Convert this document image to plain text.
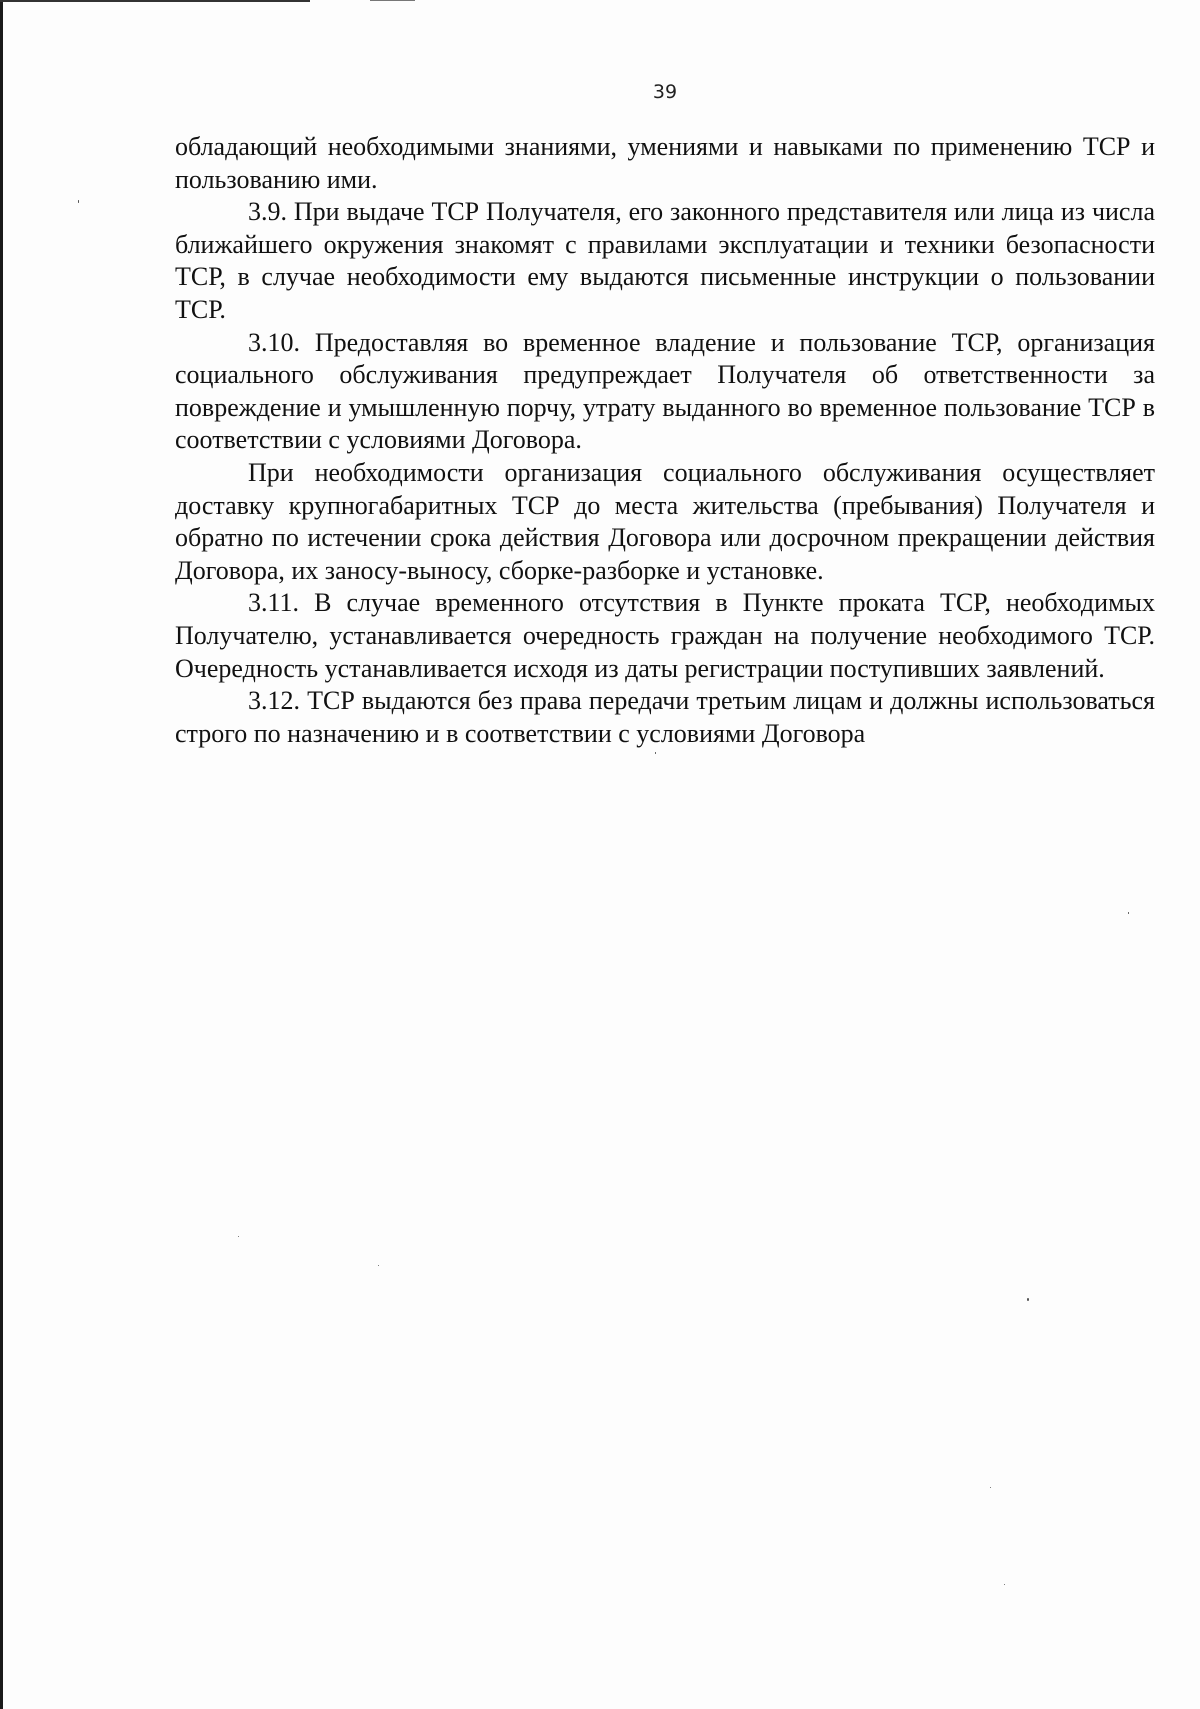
39

обладающий необходимыми знаниями, умениями и навыками по применению ТСР и пользованию ими.

3.9. При выдаче ТСР Получателя, его законного представителя или лица из числа ближайшего окружения знакомят с правилами эксплуатации и техники безопасности ТСР, в случае необходимости ему выдаются письменные инструкции о пользовании ТСР.

3.10. Предоставляя во временное владение и пользование ТСР, организация социального обслуживания предупреждает Получателя об ответственности за повреждение и умышленную порчу, утрату выданного во временное пользование ТСР в соответствии с условиями Договора.

При необходимости организация социального обслуживания осуществляет доставку крупногабаритных ТСР до места жительства (пребывания) Получателя и обратно по истечении срока действия Договора или досрочном прекращении действия Договора, их заносу-выносу, сборке-разборке и установке.

3.11. В случае временного отсутствия в Пункте проката ТСР, необходимых Получателю, устанавливается очередность граждан на получение необходимого ТСР. Очередность устанавливается исходя из даты регистрации поступивших заявлений.

3.12. ТСР выдаются без права передачи третьим лицам и должны использоваться строго по назначению и в соответствии с условиями Договора
